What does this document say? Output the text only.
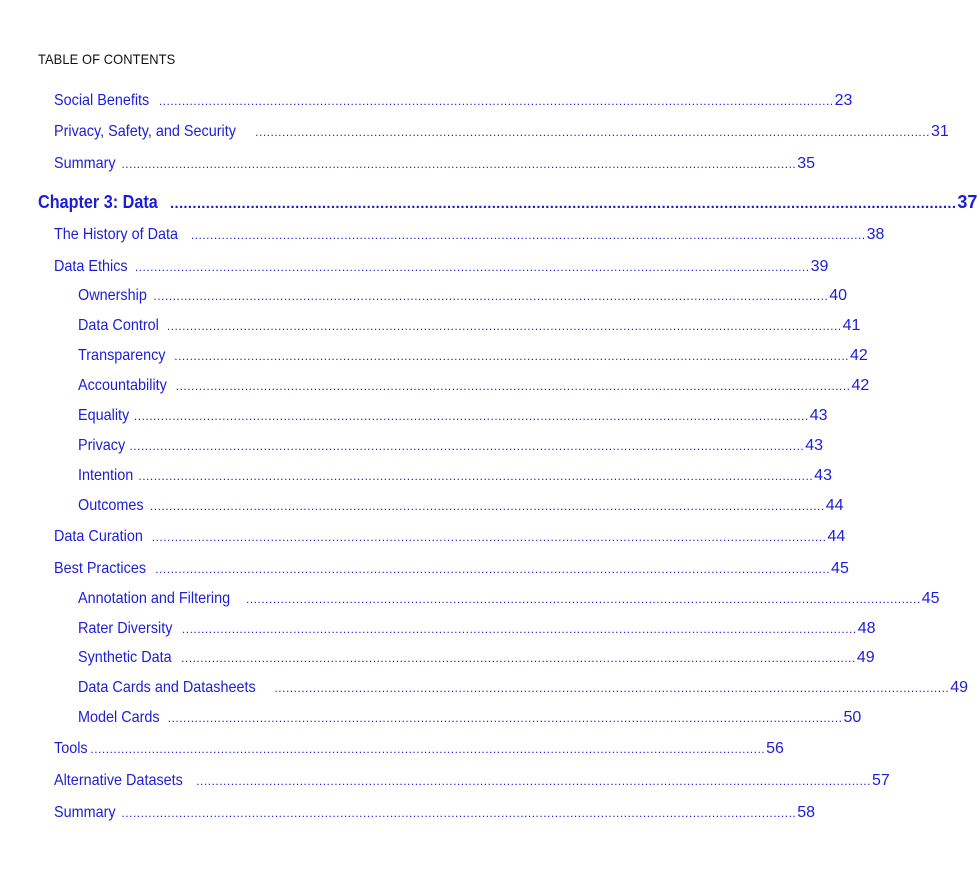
TABLE OF CONTENTS
Social Benefits ................................................................................................................................................................................ 23
Privacy, Safety, and Security ................................................................................................................................................................................ 31
Summary ................................................................................................................................................................................ 35
Chapter 3: Data ................................................................................................................................................................................ 37
The History of Data ................................................................................................................................................................................ 38
Data Ethics ................................................................................................................................................................................ 39
Ownership ................................................................................................................................................................................ 40
Data Control ................................................................................................................................................................................ 41
Transparency ................................................................................................................................................................................ 42
Accountability ................................................................................................................................................................................ 42
Equality ................................................................................................................................................................................ 43
Privacy ................................................................................................................................................................................ 43
Intention ................................................................................................................................................................................ 43
Outcomes ................................................................................................................................................................................ 44
Data Curation ................................................................................................................................................................................ 44
Best Practices ................................................................................................................................................................................ 45
Annotation and Filtering ................................................................................................................................................................................ 45
Rater Diversity ................................................................................................................................................................................ 48
Synthetic Data ................................................................................................................................................................................ 49
Data Cards and Datasheets ................................................................................................................................................................................ 49
Model Cards ................................................................................................................................................................................ 50
Tools ................................................................................................................................................................................ 56
Alternative Datasets ................................................................................................................................................................................ 57
Summary ................................................................................................................................................................................ 58
